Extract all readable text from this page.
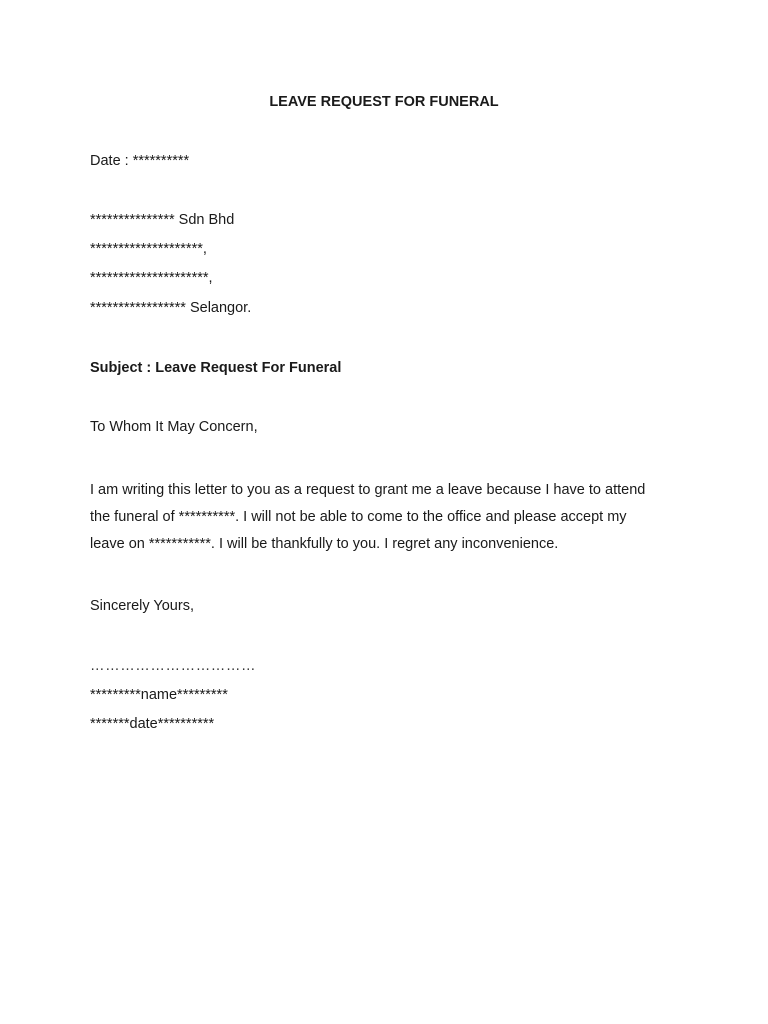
LEAVE REQUEST FOR FUNERAL
Date : **********
*************** Sdn Bhd
********************,
*********************,
***************** Selangor.
Subject : Leave Request For Funeral
To Whom It May Concern,
I am writing this letter to you as a request to grant me a leave because I have to attend
the funeral of **********. I will not be able to come to the office and please accept my
leave on ***********. I will be thankfully to you. I regret any inconvenience.
Sincerely Yours,
……………………………
*********name*********
*******date**********
